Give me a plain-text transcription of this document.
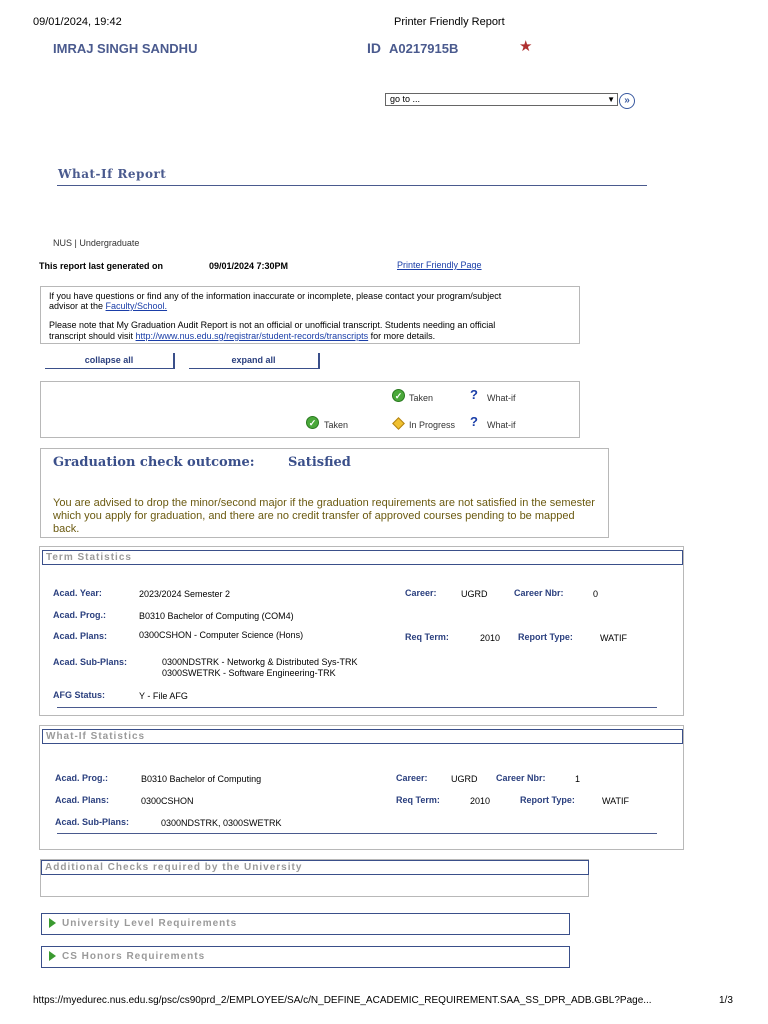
09/01/2024, 19:42	Printer Friendly Report
IMRAJ SINGH SANDHU	ID A0217915B	★
go to ...	▼ »
What-If Report
NUS | Undergraduate
This report last generated on	09/01/2024 7:30PM	Printer Friendly Page
If you have questions or find any of the information inaccurate or incomplete, please contact your program/subject
advisor at the Faculty/School.
Please note that My Graduation Audit Report is not an official or unofficial transcript. Students needing an official
transcript should visit http://www.nus.edu.sg/registrar/student-records/transcripts for more details.
collapse all	expand all
✓ Taken	? What-if
✓ Taken	In Progress ? What-if
Graduation check outcome:	Satisfied
You are advised to drop the minor/second major if the graduation requirements are not satisfied in the semester which you apply for graduation, and there are no credit transfer of approved courses pending to be mapped back.
Term Statistics
Acad. Year:	2023/2024 Semester 2	Career:	UGRD	Career Nbr:	0
Acad. Prog.:	B0310 Bachelor of Computing (COM4)
Acad. Plans:	0300CSHON - Computer Science (Hons)	Req Term:	2010 Report Type:	WATIF
Acad. Sub-Plans:	0300NDSTRK - Networkg & Distributed Sys-TRK
0300SWETRK - Software Engineering-TRK
AFG Status:	Y - File AFG
What-If Statistics
Acad. Prog.:	B0310 Bachelor of Computing	Career:	UGRD Career Nbr:	1
Acad. Plans:	0300CSHON	Req Term:	2010	Report Type:	WATIF
Acad. Sub-Plans:	0300NDSTRK, 0300SWETRK
Additional Checks required by the University
University Level Requirements
CS Honors Requirements
https://myedurec.nus.edu.sg/psc/cs90prd_2/EMPLOYEE/SA/c/N_DEFINE_ACADEMIC_REQUIREMENT.SAA_SS_DPR_ADB.GBL?Page...	1/3
